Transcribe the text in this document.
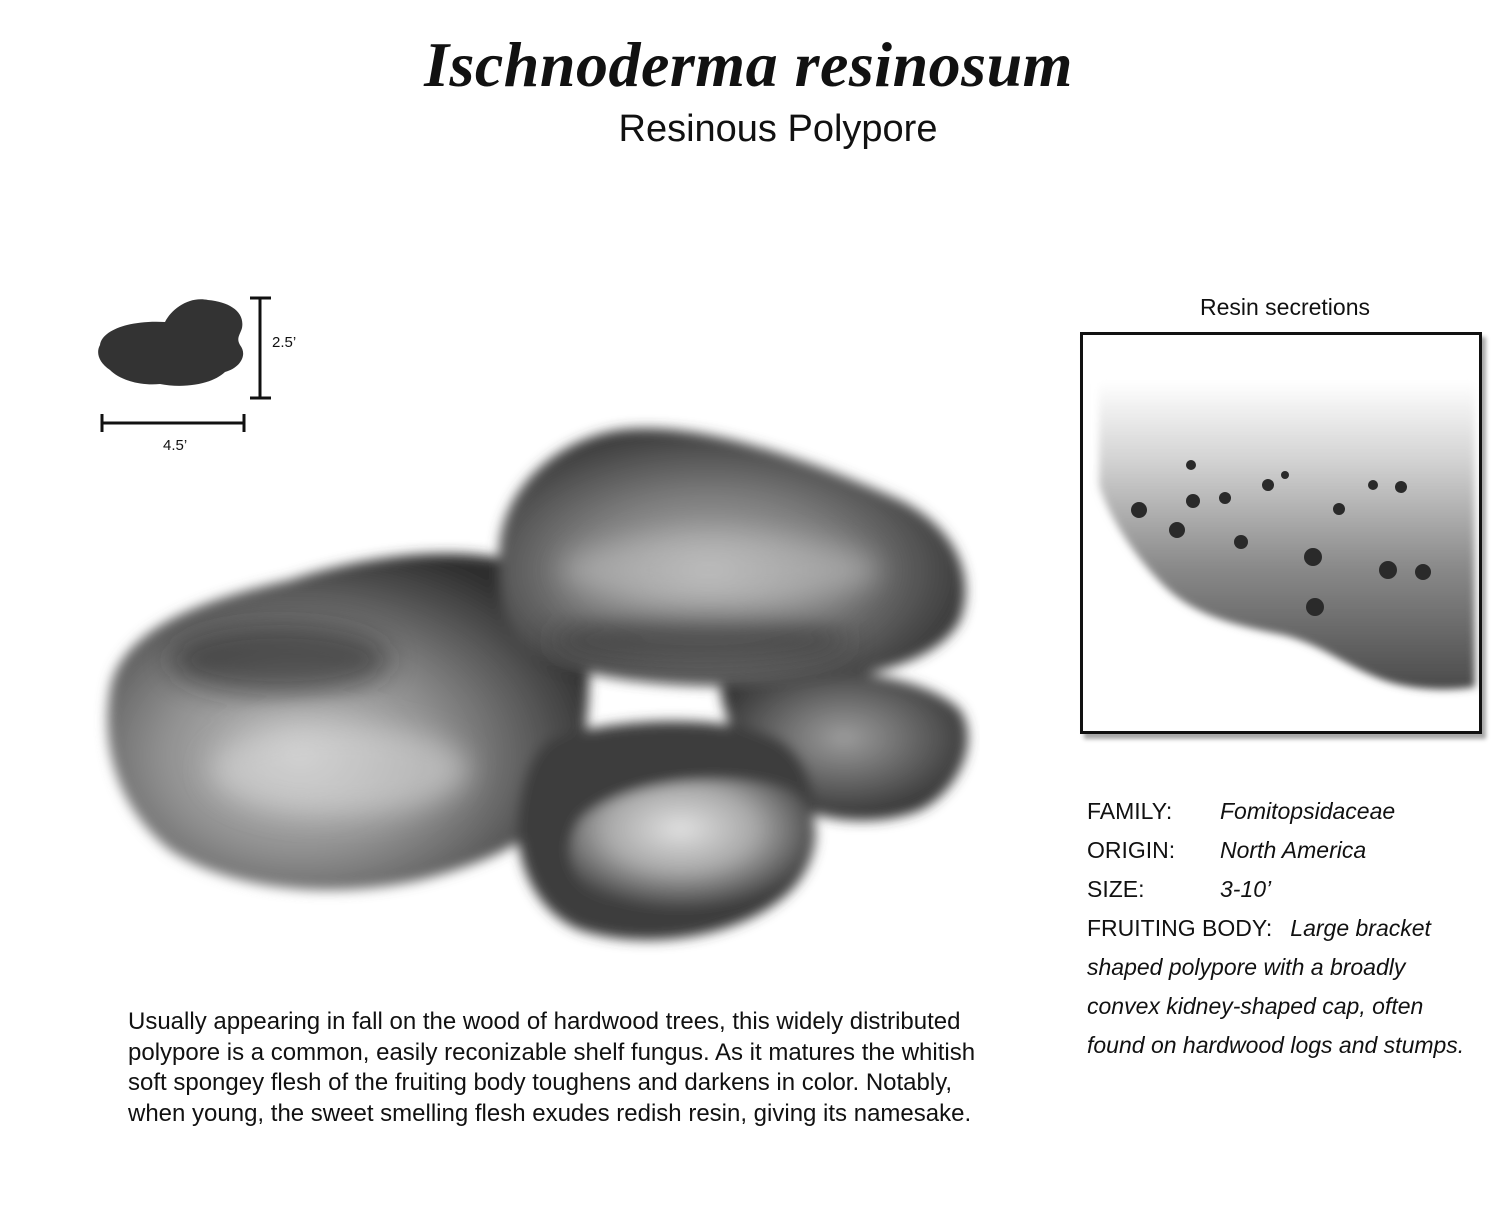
Ischnoderma resinosum
Resinous Polypore
2.5’
4.5’
Resin secretions
FAMILY: Fomitopsidaceae
ORIGIN: North America
SIZE:	3-10’
FRUITING BODY: Large bracket
shaped polypore with a broadly
convex kidney-shaped cap, often
found on hardwood logs and stumps.
Usually appearing in fall on the wood of hardwood trees, this widely distributed
polypore is a common, easily reconizable shelf fungus. As it matures the whitish
soft spongey flesh of the fruiting body toughens and darkens in color. Notably,
when young, the sweet smelling flesh exudes redish resin, giving its namesake.
